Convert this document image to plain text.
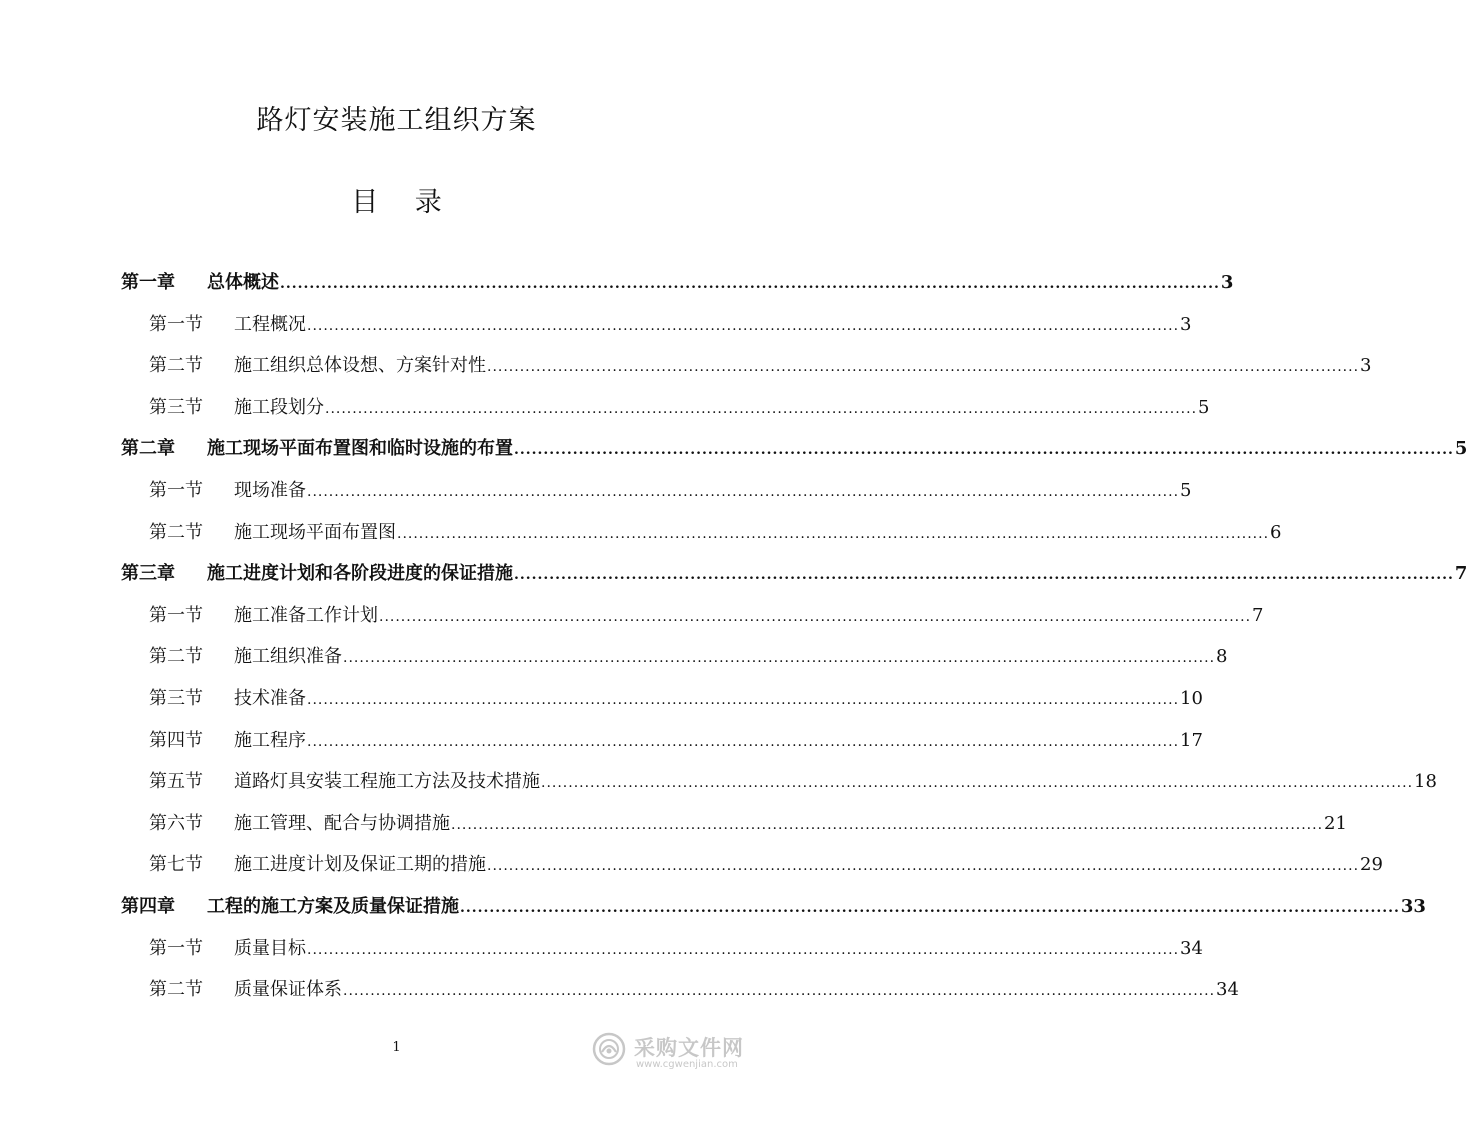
路灯安装施工组织方案
目 录
第一章	总体概述 ................................................................................................................................................................ 3
第一节	工程概况 ................................................................................................................................................................ 3
第二节	施工组织总体设想、方案针对性 ................................................................................................................................................................ 3
第三节	施工段划分 ................................................................................................................................................................ 5
第二章	施工现场平面布置图和临时设施的布置 ................................................................................................................................................................ 5
第一节	现场准备 ................................................................................................................................................................ 5
第二节	施工现场平面布置图 ................................................................................................................................................................ 6
第三章	施工进度计划和各阶段进度的保证措施 ................................................................................................................................................................ 7
第一节	施工准备工作计划 ................................................................................................................................................................ 7
第二节	施工组织准备 ................................................................................................................................................................ 8
第三节	技术准备 ................................................................................................................................................................ 10
第四节	施工程序 ................................................................................................................................................................ 17
第五节	道路灯具安装工程施工方法及技术措施 ................................................................................................................................................................ 18
第六节	施工管理、配合与协调措施 ................................................................................................................................................................ 21
第七节	施工进度计划及保证工期的措施 ................................................................................................................................................................ 29
第四章	工程的施工方案及质量保证措施 ................................................................................................................................................................ 33
第一节	质量目标 ................................................................................................................................................................ 34
第二节	质量保证体系 ................................................................................................................................................................ 34
1	采购文件网
www.cgwenjian.com
